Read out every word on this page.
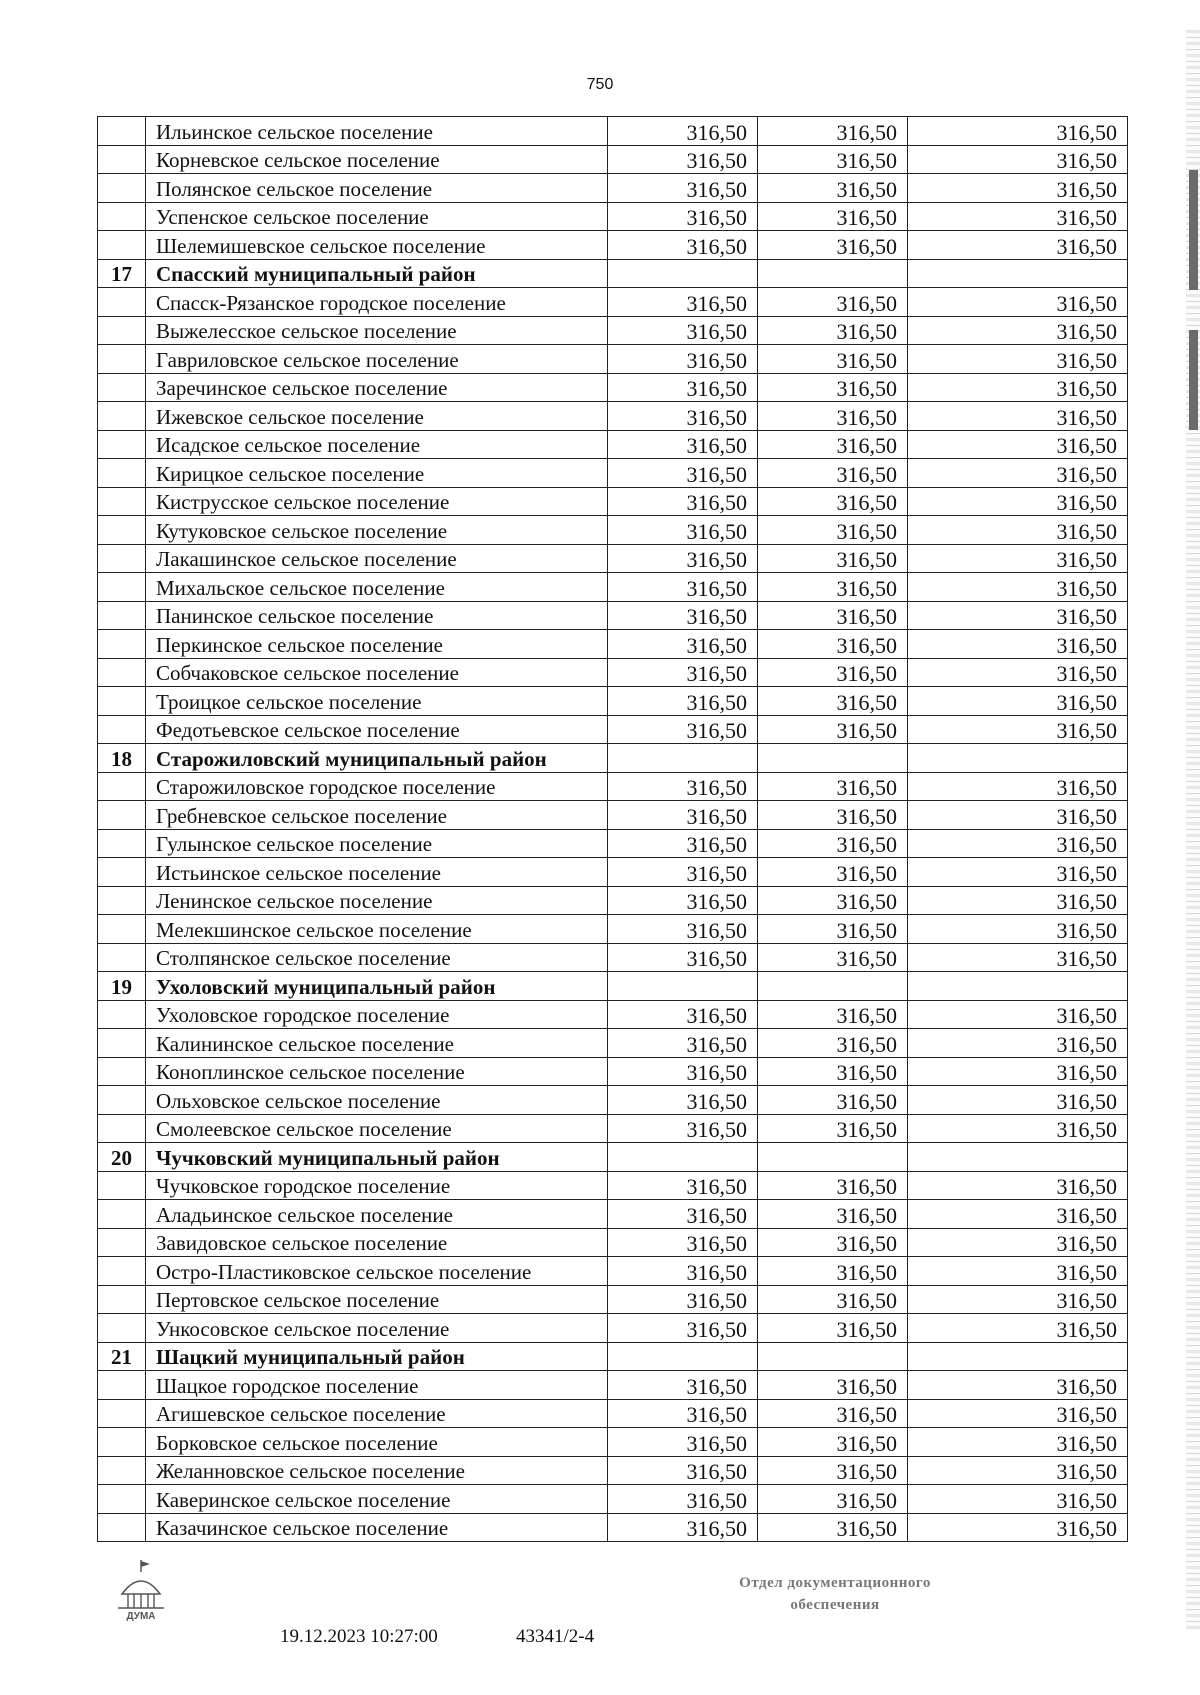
750
	Ильинское сельское поселение	316,50	316,50	316,50
	Корневское сельское поселение	316,50	316,50	316,50
	Полянское сельское поселение	316,50	316,50	316,50
	Успенское сельское поселение	316,50	316,50	316,50
	Шелемишевское сельское поселение	316,50	316,50	316,50
17	Спасский муниципальный район			
	Спасск-Рязанское городское поселение	316,50	316,50	316,50
	Выжелесское сельское поселение	316,50	316,50	316,50
	Гавриловское сельское поселение	316,50	316,50	316,50
	Заречинское сельское поселение	316,50	316,50	316,50
	Ижевское сельское поселение	316,50	316,50	316,50
	Исадское сельское поселение	316,50	316,50	316,50
	Кирицкое сельское поселение	316,50	316,50	316,50
	Киструсское сельское поселение	316,50	316,50	316,50
	Кутуковское сельское поселение	316,50	316,50	316,50
	Лакашинское сельское поселение	316,50	316,50	316,50
	Михальское сельское поселение	316,50	316,50	316,50
	Панинское сельское поселение	316,50	316,50	316,50
	Перкинское сельское поселение	316,50	316,50	316,50
	Собчаковское сельское поселение	316,50	316,50	316,50
	Троицкое сельское поселение	316,50	316,50	316,50
	Федотьевское сельское поселение	316,50	316,50	316,50
18	Старожиловский муниципальный район			
	Старожиловское городское поселение	316,50	316,50	316,50
	Гребневское сельское поселение	316,50	316,50	316,50
	Гулынское сельское поселение	316,50	316,50	316,50
	Истьинское сельское поселение	316,50	316,50	316,50
	Ленинское сельское поселение	316,50	316,50	316,50
	Мелекшинское сельское поселение	316,50	316,50	316,50
	Столпянское сельское поселение	316,50	316,50	316,50
19	Ухоловский муниципальный район			
	Ухоловское городское поселение	316,50	316,50	316,50
	Калининское сельское поселение	316,50	316,50	316,50
	Коноплинское сельское поселение	316,50	316,50	316,50
	Ольховское сельское поселение	316,50	316,50	316,50
	Смолеевское сельское поселение	316,50	316,50	316,50
20	Чучковский муниципальный район			
	Чучковское городское поселение	316,50	316,50	316,50
	Аладьинское сельское поселение	316,50	316,50	316,50
	Завидовское сельское поселение	316,50	316,50	316,50
	Остро-Пластиковское сельское поселение	316,50	316,50	316,50
	Пертовское сельское поселение	316,50	316,50	316,50
	Ункосовское сельское поселение	316,50	316,50	316,50
21	Шацкий муниципальный район			
	Шацкое городское поселение	316,50	316,50	316,50
	Агишевское сельское поселение	316,50	316,50	316,50
	Борковское сельское поселение	316,50	316,50	316,50
	Желанновское сельское поселение	316,50	316,50	316,50
	Каверинское сельское поселение	316,50	316,50	316,50
	Казачинское сельское поселение	316,50	316,50	316,50
ДУМА
19.12.2023 10:27:00	43341/2-4
Отдел документационного
обеспечения
